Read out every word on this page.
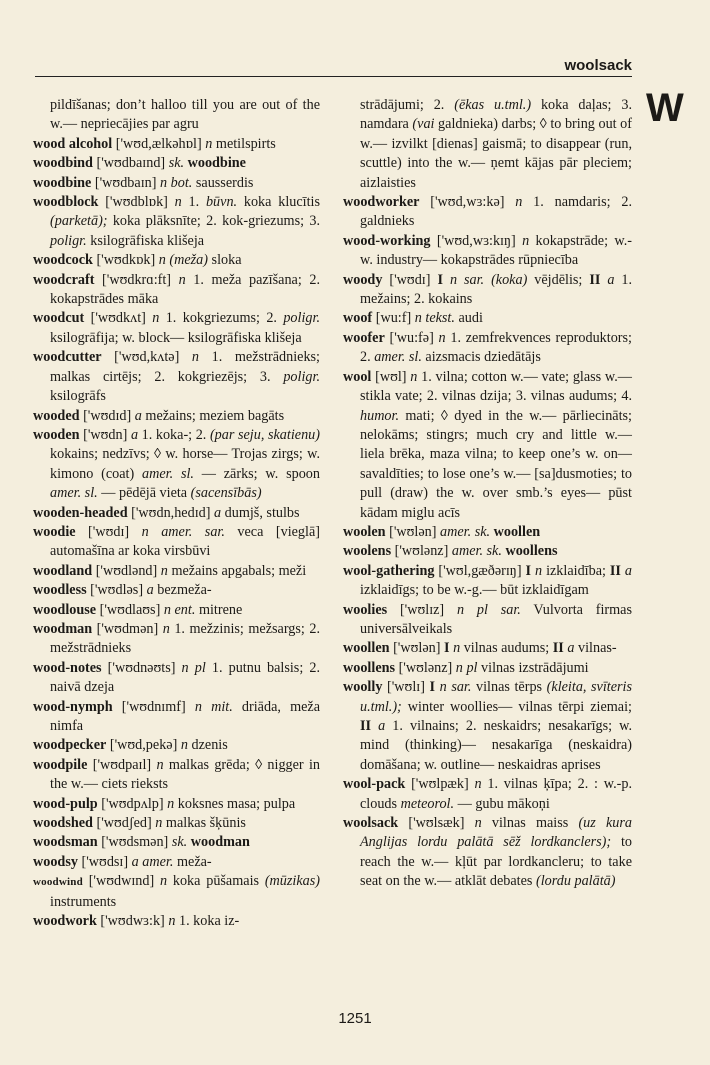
woolsack
W

pildīšanas; don’t halloo till you are out of the w.— nepriecājies par agru

wood alcohol ['wʊd,ælkəhɒl] n metilspirts

woodbind ['wʊdbaɪnd] sk. woodbine

woodbine ['wʊdbaɪn] n bot. sausserdis

woodblock ['wʊdblɒk] n 1. būvn. koka klucītis (parketā); koka plāksnīte; 2. kok-griezums; 3. poligr. ksilogrāfiska klišeja

woodcock ['wʊdkɒk] n (meža) sloka

woodcraft ['wʊdkrɑ:ft] n 1. meža pazīšana; 2. kokapstrādes māka

woodcut ['wʊdkʌt] n 1. kokgriezums; 2. poligr. ksilogrāfija; w. block— ksilogrāfiska klišeja

woodcutter ['wʊd,kʌtə] n 1. mežstrādnieks; malkas cirtējs; 2. kokgriezējs; 3. poligr. ksilogrāfs

wooded ['wʊdɪd] a mežains; meziem bagāts

wooden ['wʊdn] a 1. koka-; 2. (par seju, skatienu) kokains; nedzīvs; ◊ w. horse— Trojas zirgs; w. kimono (coat) amer. sl. — zārks; w. spoon amer. sl. — pēdējā vieta (sacensībās)

wooden-headed ['wʊdn,hedɪd] a dumjš, stulbs

woodie ['wʊdɪ] n amer. sar. veca [vieglā] automašīna ar koka virsbūvi

woodland ['wʊdlənd] n mežains apgabals; meži

woodless ['wʊdləs] a bezmeža-

woodlouse ['wʊdlaʊs] n ent. mitrene

woodman ['wʊdmən] n 1. mežzinis; mežsargs; 2. mežstrādnieks

wood-notes ['wʊdnəʊts] n pl 1. putnu balsis; 2. naivā dzeja

wood-nymph ['wʊdnɪmf] n mit. driāda, meža nimfa

woodpecker ['wʊd,pekə] n dzenis

woodpile ['wʊdpaɪl] n malkas grēda; ◊ nigger in the w.— ciets rieksts

wood-pulp ['wʊdpʌlp] n koksnes masa; pulpa

woodshed ['wʊdʃed] n malkas šķūnis

woodsman ['wʊdsmən] sk. woodman

woodsy ['wʊdsɪ] a amer. meža-

woodwind ['wʊdwɪnd] n koka pūšamais (mūzikas) instruments

woodwork ['wʊdwɜ:k] n 1. koka iz-

strādājumi; 2. (ēkas u.tml.) koka daļas; 3. namdara (vai galdnieka) darbs; ◊ to bring out of w.— izvilkt [dienas] gaismā; to disappear (run, scuttle) into the w.— ņemt kājas pār pleciem; aizlaisties

woodworker ['wʊd,wɜ:kə] n 1. namdaris; 2. galdnieks

wood-working ['wʊd,wɜ:kɪŋ] n kokapstrāde; w.-w. industry— kokapstrādes rūpniecība

woody ['wʊdɪ] I n sar. (koka) vējdēlis; II a 1. mežains; 2. kokains

woof [wu:f] n tekst. audi

woofer ['wu:fə] n 1. zemfrekvences reproduktors; 2. amer. sl. aizsmacis dziedātājs

wool [wʊl] n 1. vilna; cotton w.— vate; glass w.— stikla vate; 2. vilnas dzija; 3. vilnas audums; 4. humor. mati; ◊ dyed in the w.— pārliecināts; nelokāms; stingrs; much cry and little w.— liela brēka, maza vilna; to keep one’s w. on— savaldīties; to lose one’s w.— [sa]dusmoties; to pull (draw) the w. over smb.’s eyes— pūst kādam miglu acīs

woolen ['wʊlən] amer. sk. woollen

woolens ['wʊlənz] amer. sk. woollens

wool-gathering ['wʊl,gæðərɪŋ] I n izklaidība; II a izklaidīgs; to be w.-g.— būt izklaidīgam

woolies ['wʊlɪz] n pl sar. Vulvorta firmas universālveikals

woollen ['wʊlən] I n vilnas audums; II a vilnas-

woollens ['wʊlənz] n pl vilnas izstrādājumi

woolly ['wʊlɪ] I n sar. vilnas tērps (kleita, svīteris u.tml.); winter woollies— vilnas tērpi ziemai; II a 1. vilnains; 2. neskaidrs; nesakarīgs; w. mind (thinking)— nesakarīga (neskaidra) domāšana; w. outline— neskaidras aprises

wool-pack ['wʊlpæk] n 1. vilnas ķīpa; 2. : w.-p. clouds meteorol. — gubu mākoņi

woolsack ['wʊlsæk] n vilnas maiss (uz kura Anglijas lordu palātā sēž lordkanclers); to reach the w.— kļūt par lordkancleru; to take seat on the w.— atklāt debates (lordu palātā)

1251
